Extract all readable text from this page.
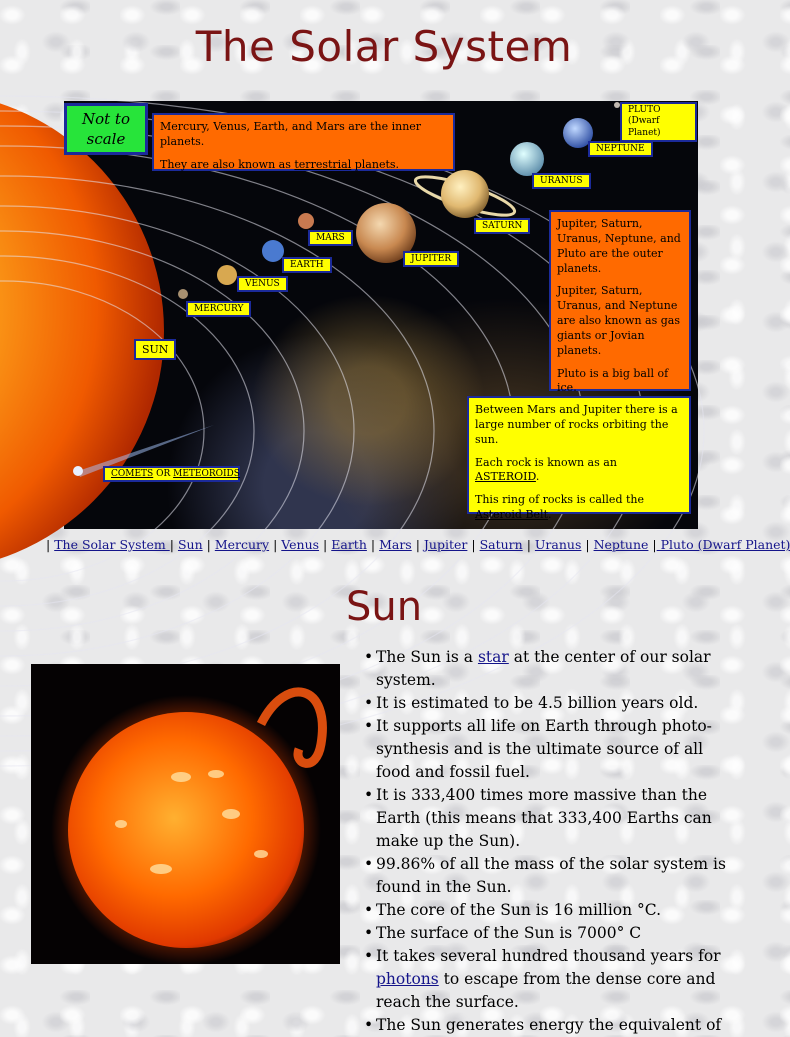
The Solar System
Not to scale

Mercury, Venus, Earth, and Mars are the inner planets.

They are also known as terrestrial planets.

Jupiter, Saturn, Uranus, Neptune, and Pluto are the outer planets.

Jupiter, Saturn, Uranus, and Neptune are also known as gas giants or Jovian planets.

Pluto is a big ball of ice.

Between Mars and Jupiter there is a large number of rocks orbiting the sun.

Each rock is known as an ASTEROID.

This ring of rocks is called the Asteroid Belt.

SUN
MERCURY
VENUS
EARTH
MARS
JUPITER
SATURN
URANUS
NEPTUNE
PLUTO
(Dwarf Planet)
COMETS OR METEOROIDS
| The Solar System | Sun | Mercury | Venus | Earth | Mars | Jupiter | Saturn | Uranus | Neptune | Pluto (Dwarf Planet)
Sun
• The Sun is a star at the center of our solar system.
• It is estimated to be 4.5 billion years old.
• It supports all life on Earth through photo-synthesis and is the ultimate source of all food and fossil fuel.
• It is 333,400 times more massive than the Earth (this means that 333,400 Earths can make up the Sun).
• 99.86% of all the mass of the solar system is found in the Sun.
• The core of the Sun is 16 million °C.
• The surface of the Sun is 7000° C
• It takes several hundred thousand years for photons to escape from the dense core and reach the surface.
• The Sun generates energy the equivalent of
